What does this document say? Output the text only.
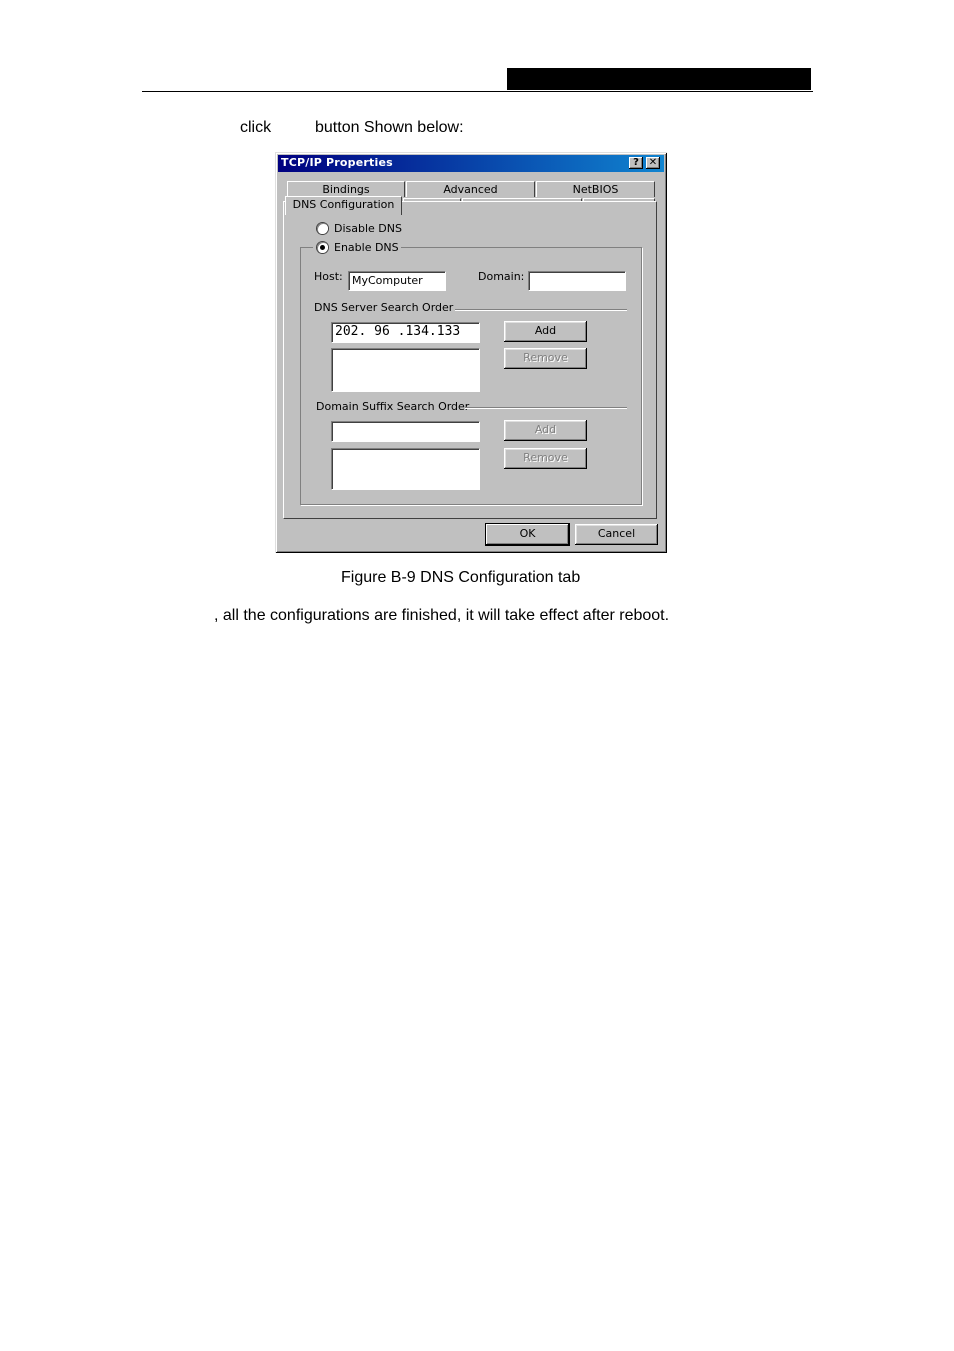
click	button Shown below:
TCP/IP Properties	? ✕
Bindings	Advanced	NetBIOS
DNS Configuration
Disable DNS
Enable DNS
Host: MyComputer	Domain:
DNS Server Search Order
202. 96 .134.133	Add
Remove
Domain Suffix Search Order
Add
Remove
OK	Cancel
Figure B-9 DNS Configuration tab
, all the configurations are finished, it will take effect after reboot.
